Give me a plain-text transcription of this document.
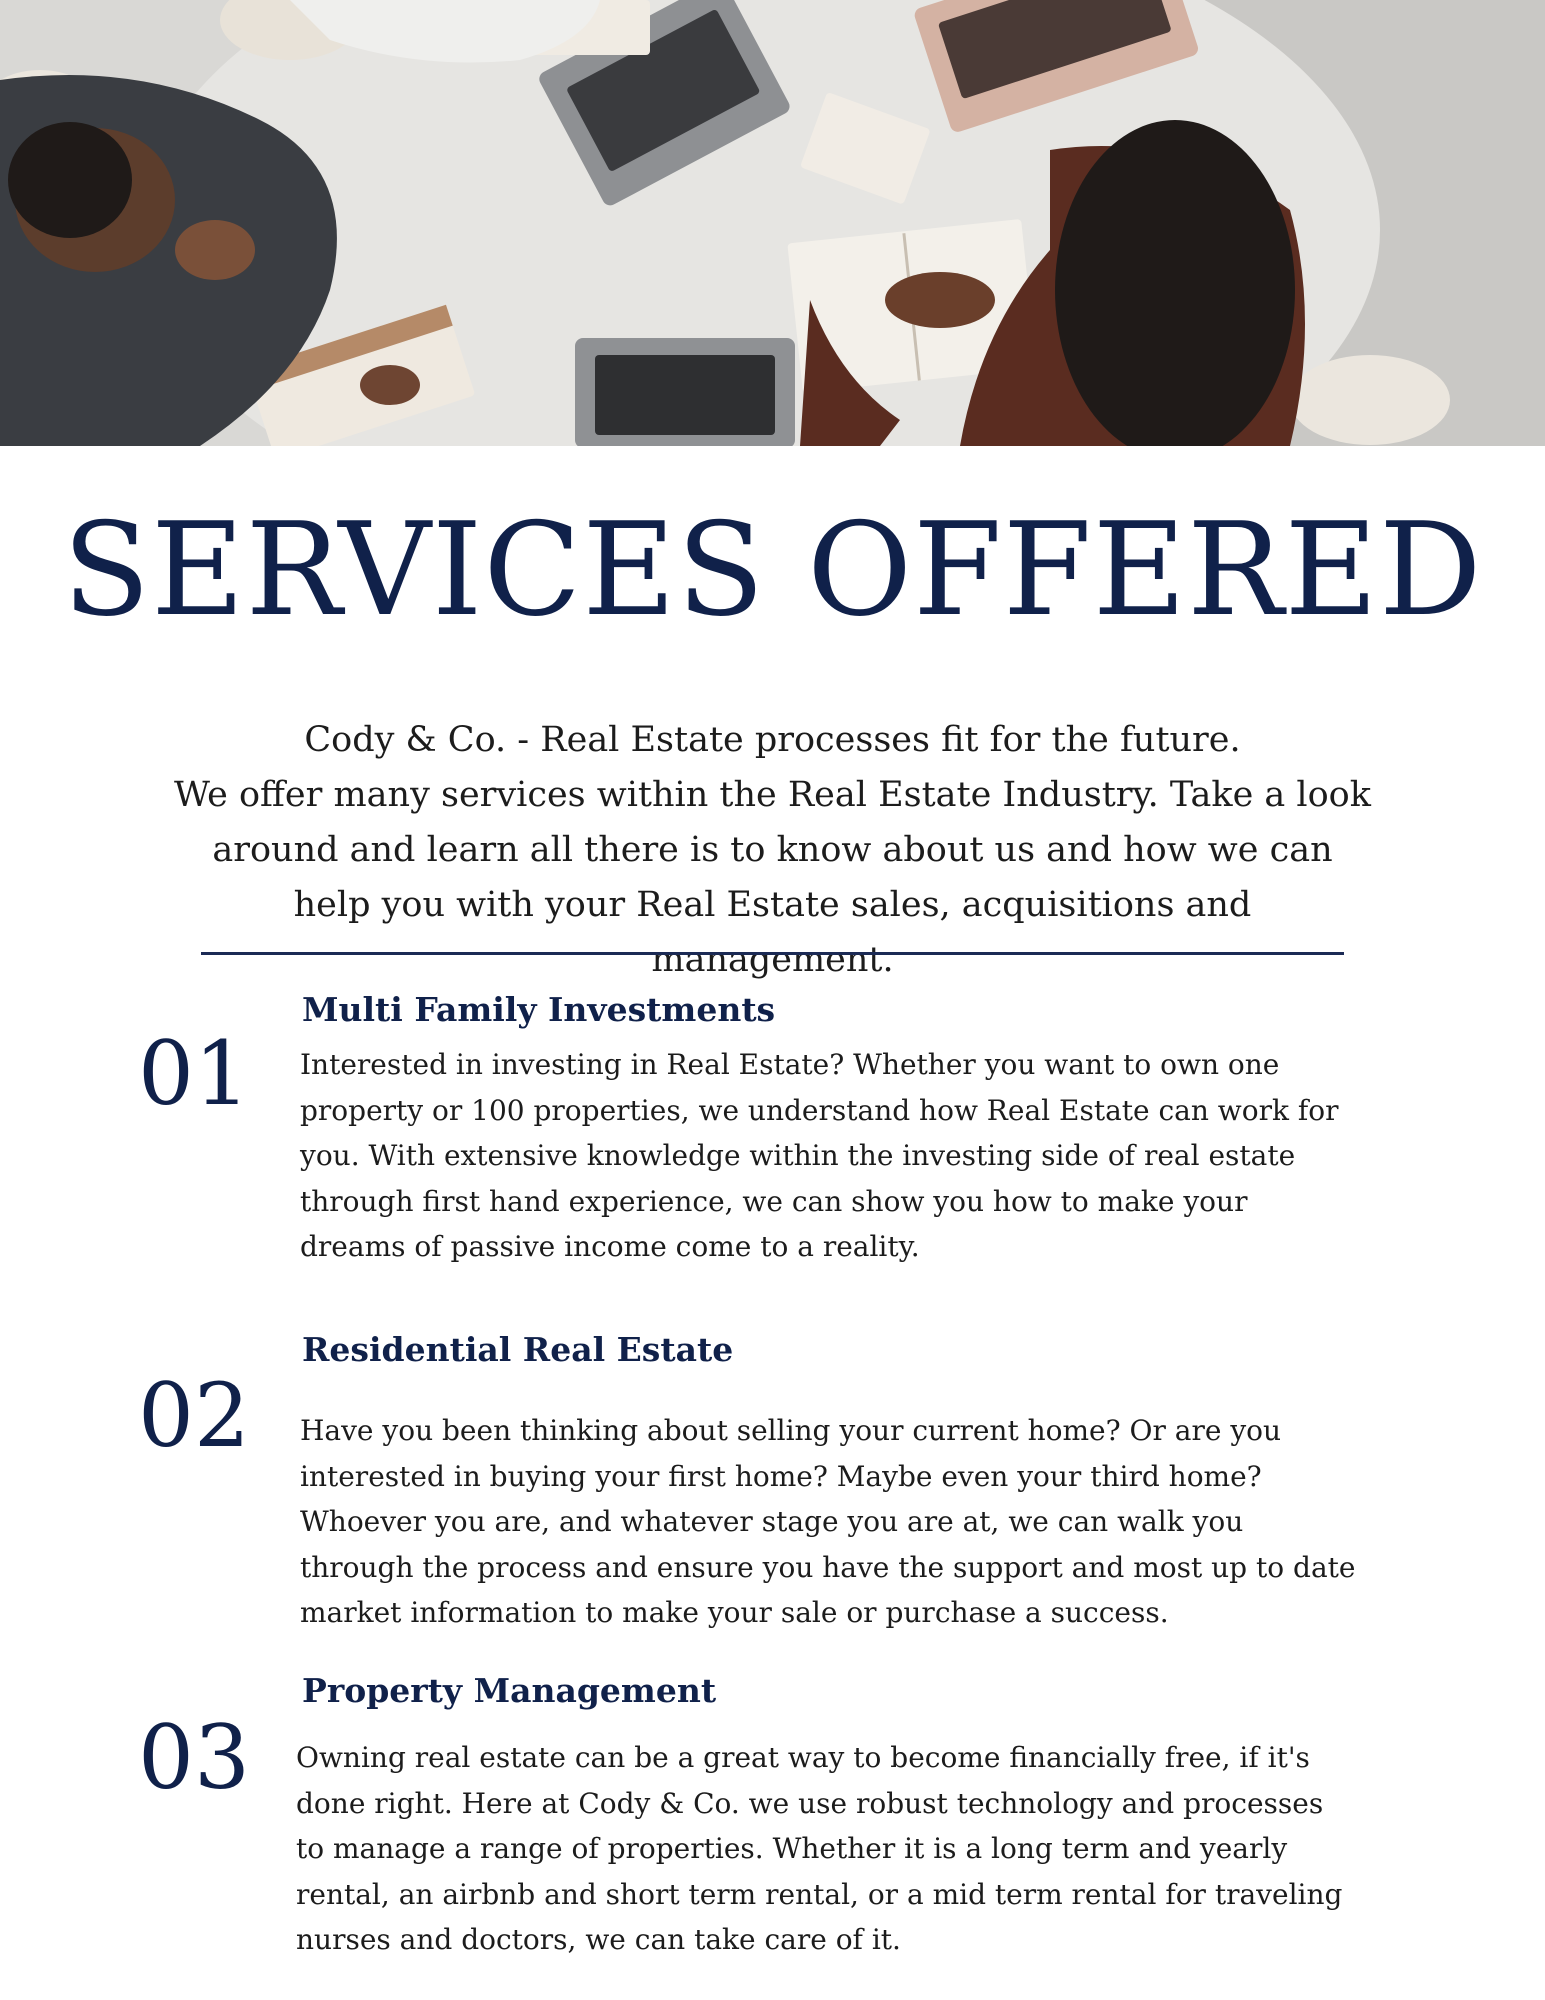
SERVICES OFFERED

Cody & Co. - Real Estate processes fit for the future.

We offer many services within the Real Estate Industry. Take a look around and learn all there is to know about us and how we can help you with your Real Estate sales, acquisitions and management.

01
Multi Family Investments

Interested in investing in Real Estate? Whether you want to own one property or 100 properties, we understand how Real Estate can work for you. With extensive knowledge within the investing side of real estate through first hand experience, we can show you how to make your dreams of passive income come to a reality.

02
Residential Real Estate

Have you been thinking about selling your current home? Or are you interested in buying your first home? Maybe even your third home? Whoever you are, and whatever stage you are at, we can walk you through the process and ensure you have the support and most up to date market information to make your sale or purchase a success.

03
Property Management

Owning real estate can be a great way to become financially free, if it's done right. Here at Cody & Co. we use robust technology and processes to manage a range of properties. Whether it is a long term and yearly rental, an airbnb and short term rental, or a mid term rental for traveling nurses and doctors, we can take care of it.
